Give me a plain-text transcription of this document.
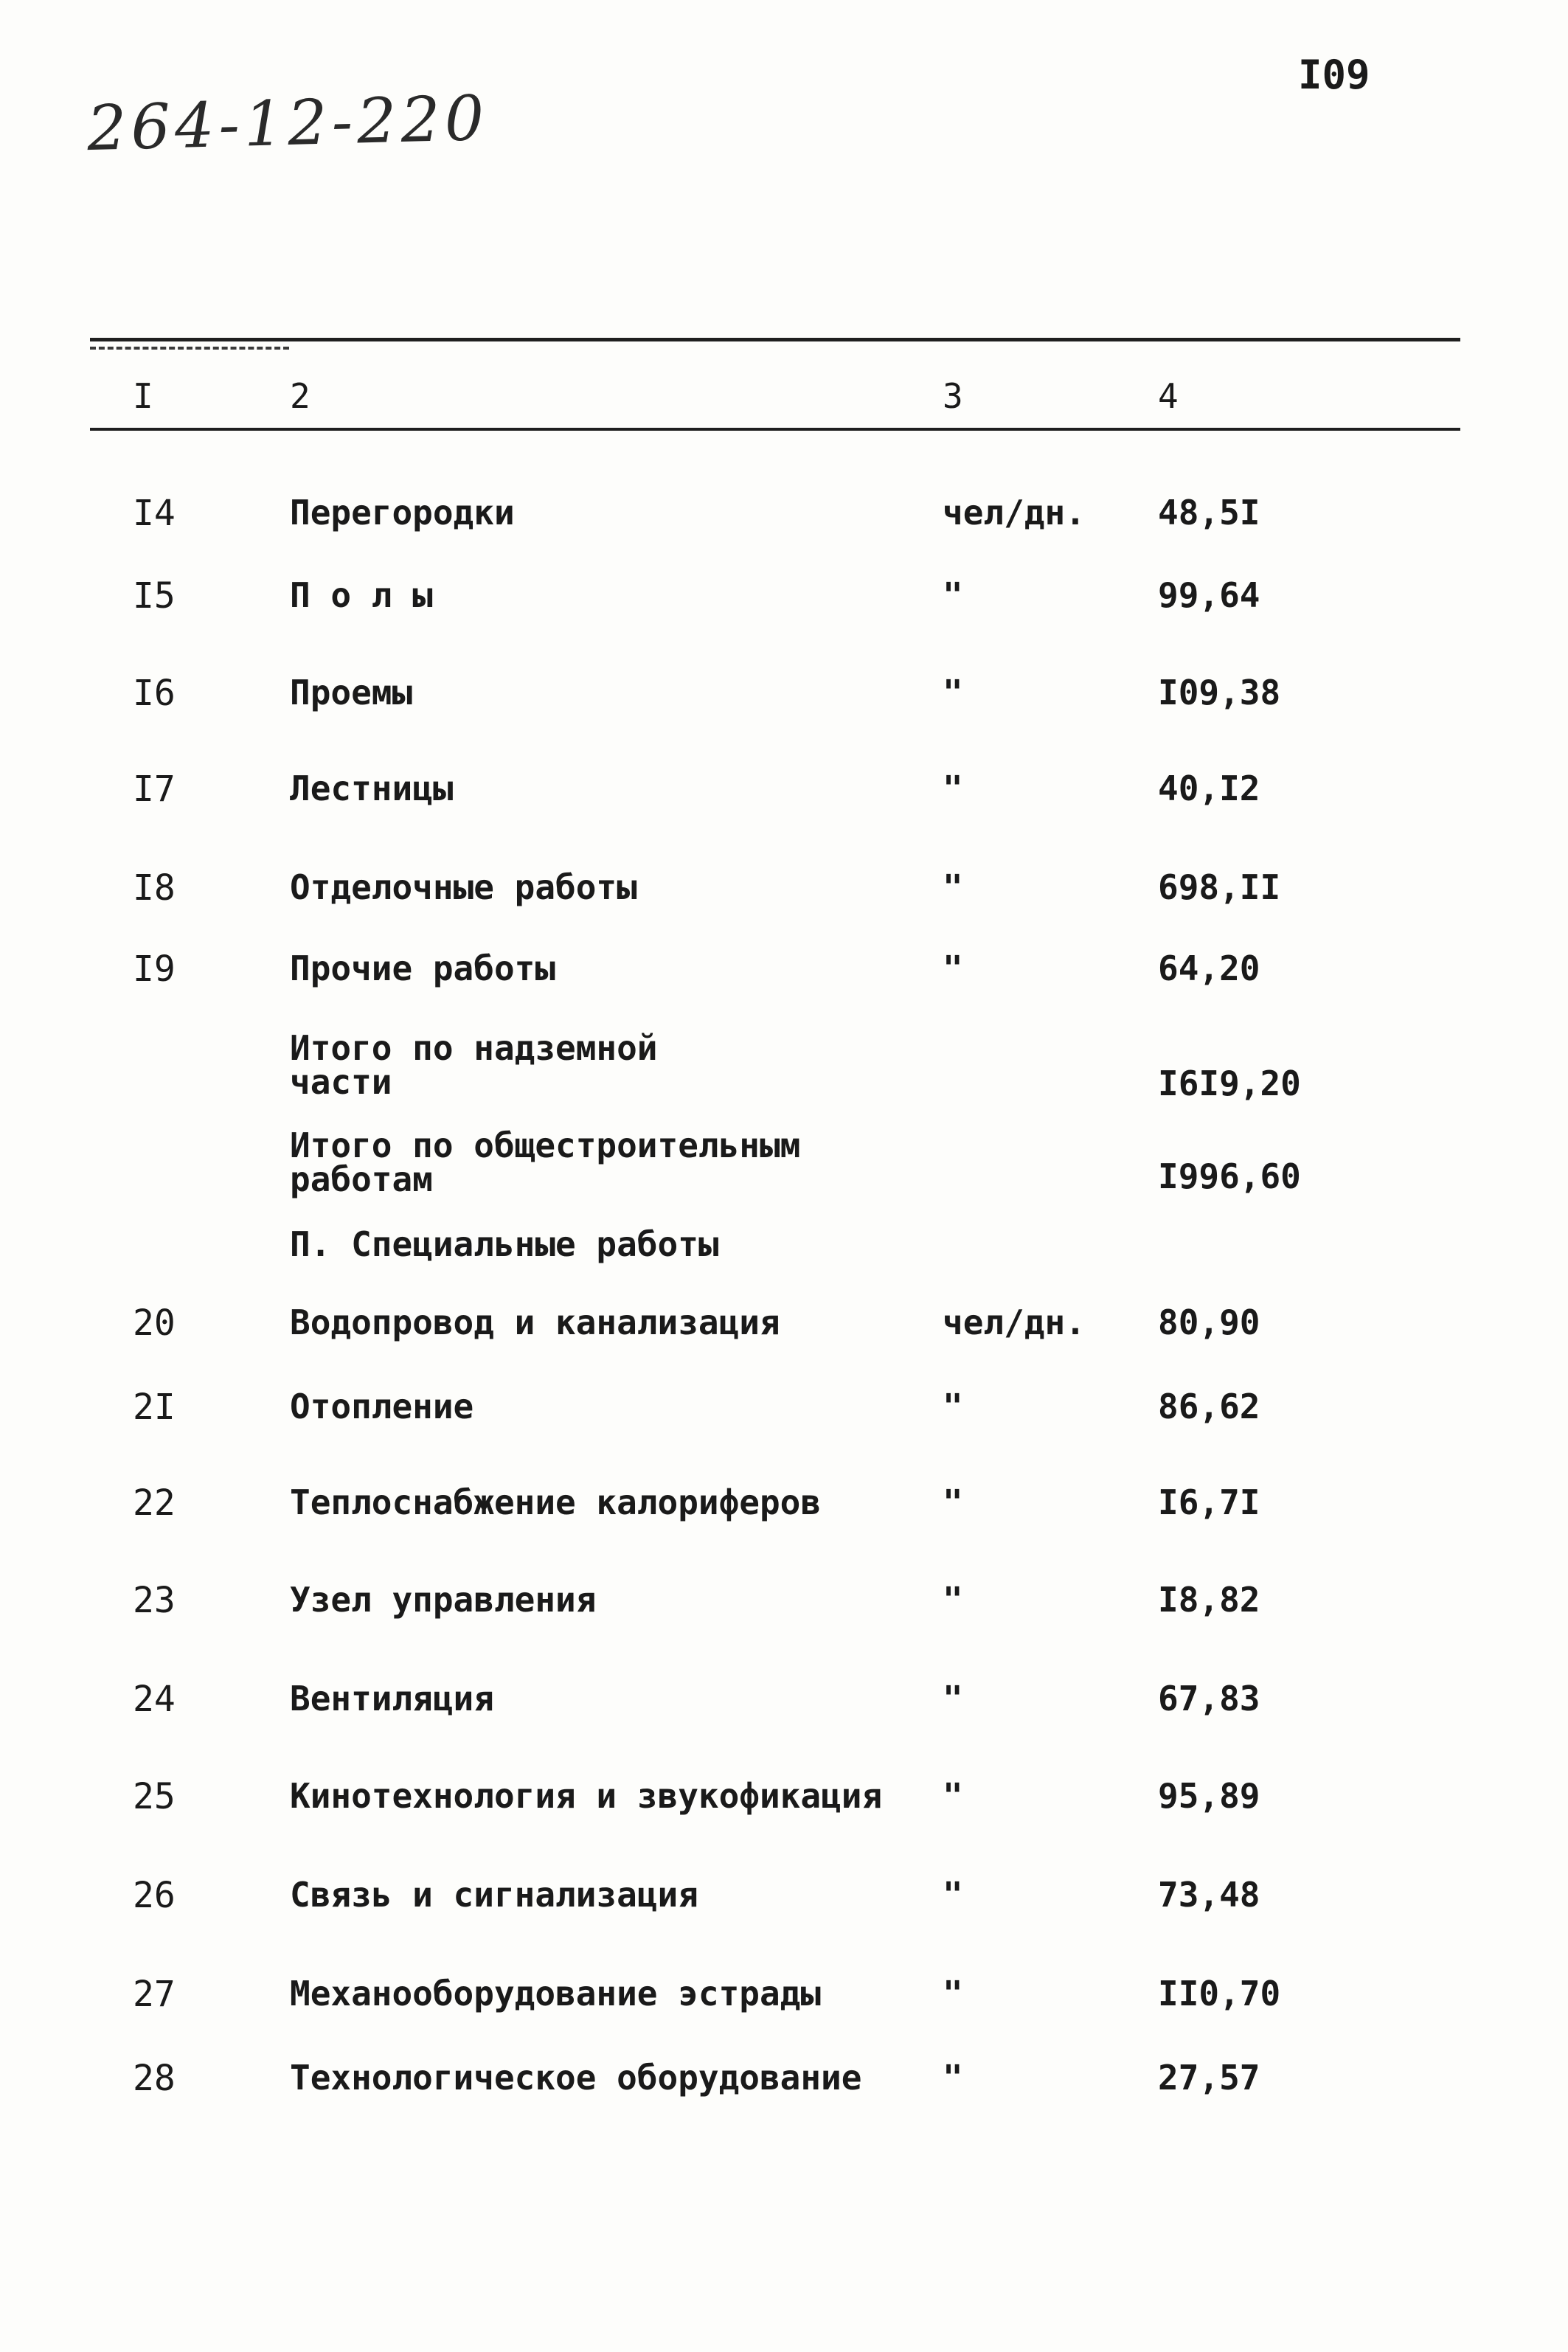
264-12-220
I09
I	2	3	4
I4	Перегородки	чел/дн. 48,5I
I5	П о л ы	"	99,64
I6	Проемы	"	I09,38
I7	Лестницы	"	40,I2
I8	Отделочные работы	"	698,II
I9	Прочие работы	"	64,20
Итого по надземной
части	I6I9,20
Итого по общестроительным
работам	I996,60
П. Специальные работы
20	Водопровод и канализация	чел/дн. 80,90
2I	Отопление	"	86,62
22	Теплоснабжение калориферов	"	I6,7I
23	Узел управления	"	I8,82
24	Вентиляция	"	67,83
25	Кинотехнология и звукофикация "	95,89
26	Связь и сигнализация	"	73,48
27	Механооборудование эстрады	"	II0,70
28	Технологическое оборудование "	27,57
